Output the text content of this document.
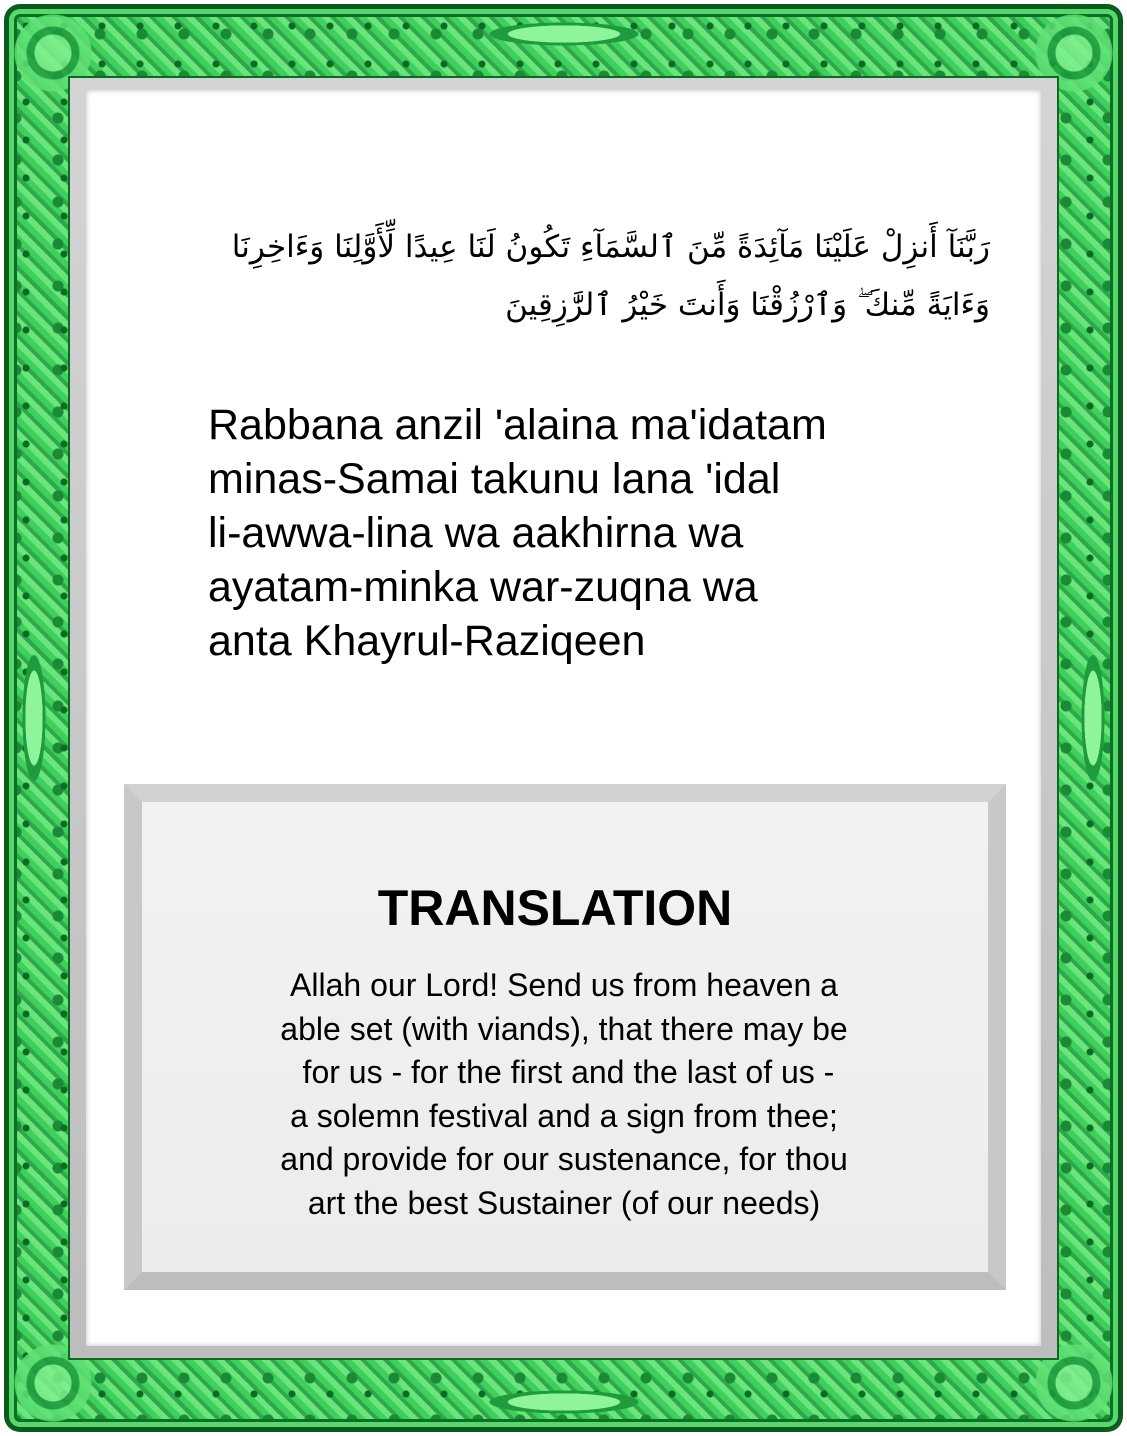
رَبَّنَآ أَنزِلْ عَلَيْنَا مَآئِدَةً مِّنَ ٱلسَّمَآءِ تَكُونُ لَنَا عِيدًا لِّأَوَّلِنَا وَءَاخِرِنَا
وَءَايَةً مِّنكَ ۖ وَٱرْزُقْنَا وَأَنتَ خَيْرُ ٱلرَّٰزِقِينَ

Rabbana anzil 'alaina ma'idatam
minas-Samai takunu lana 'idal
li-awwa-lina wa aakhirna wa
ayatam-minka war-zuqna wa
anta Khayrul-Raziqeen
TRANSLATION
Allah our Lord! Send us from heaven a
able set (with viands), that there may be
for us - for the first and the last of us -
a solemn festival and a sign from thee;
and provide for our sustenance, for thou
art the best Sustainer (of our needs)
